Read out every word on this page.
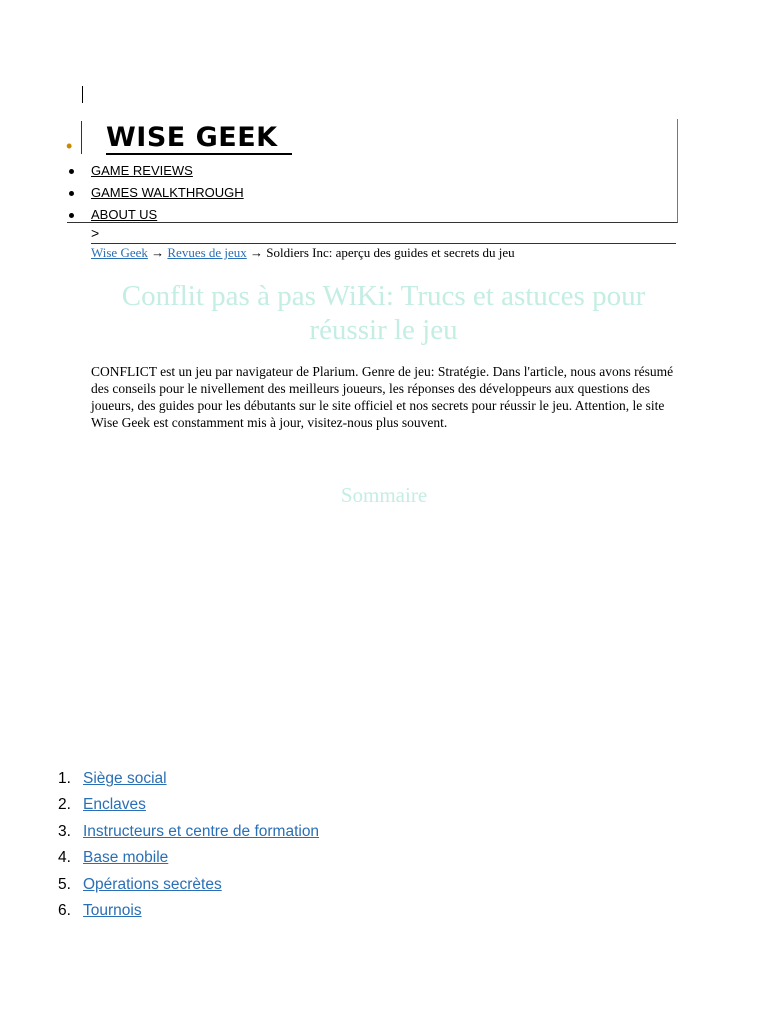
• WISE GEEK
GAME REVIEWS
GAMES WALKTHROUGH
ABOUT US
>
Wise Geek → Revues de jeux → Soldiers Inc: aperçu des guides et secrets du jeu
Conflit pas à pas WiKi: Trucs et astuces pour réussir le jeu

CONFLICT est un jeu par navigateur de Plarium. Genre de jeu: Stratégie. Dans l'article, nous avons résumé des conseils pour le nivellement des meilleurs joueurs, les réponses des développeurs aux questions des joueurs, des guides pour les débutants sur le site officiel et nos secrets pour réussir le jeu. Attention, le site Wise Geek est constamment mis à jour, visitez-nous plus souvent.

Sommaire
1. Siège social
2. Enclaves
3. Instructeurs et centre de formation
4. Base mobile
5. Opérations secrètes
6. Tournois
